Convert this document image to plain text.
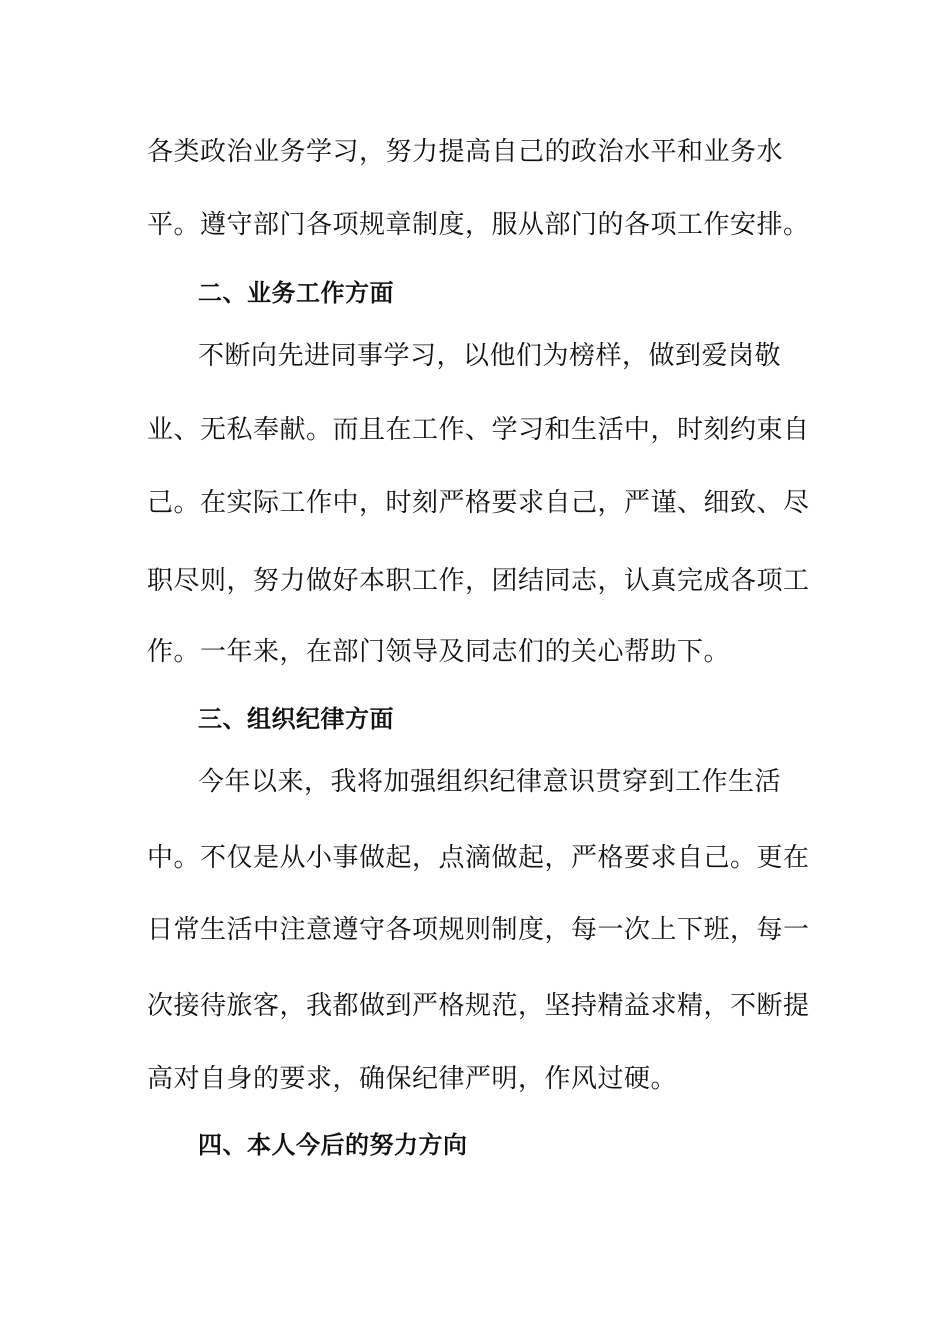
各类政治业务学习，努力提高自己的政治水平和业务水
平。遵守部门各项规章制度，服从部门的各项工作安排。
二、业务工作方面
不断向先进同事学习，以他们为榜样，做到爱岗敬
业、无私奉献。而且在工作、学习和生活中，时刻约束自
己。在实际工作中，时刻严格要求自己，严谨、细致、尽
职尽则，努力做好本职工作，团结同志，认真完成各项工
作。一年来，在部门领导及同志们的关心帮助下。
三、组织纪律方面
今年以来，我将加强组织纪律意识贯穿到工作生活
中。不仅是从小事做起，点滴做起，严格要求自己。更在
日常生活中注意遵守各项规则制度，每一次上下班，每一
次接待旅客，我都做到严格规范，坚持精益求精，不断提
高对自身的要求，确保纪律严明，作风过硬。
四、本人今后的努力方向
